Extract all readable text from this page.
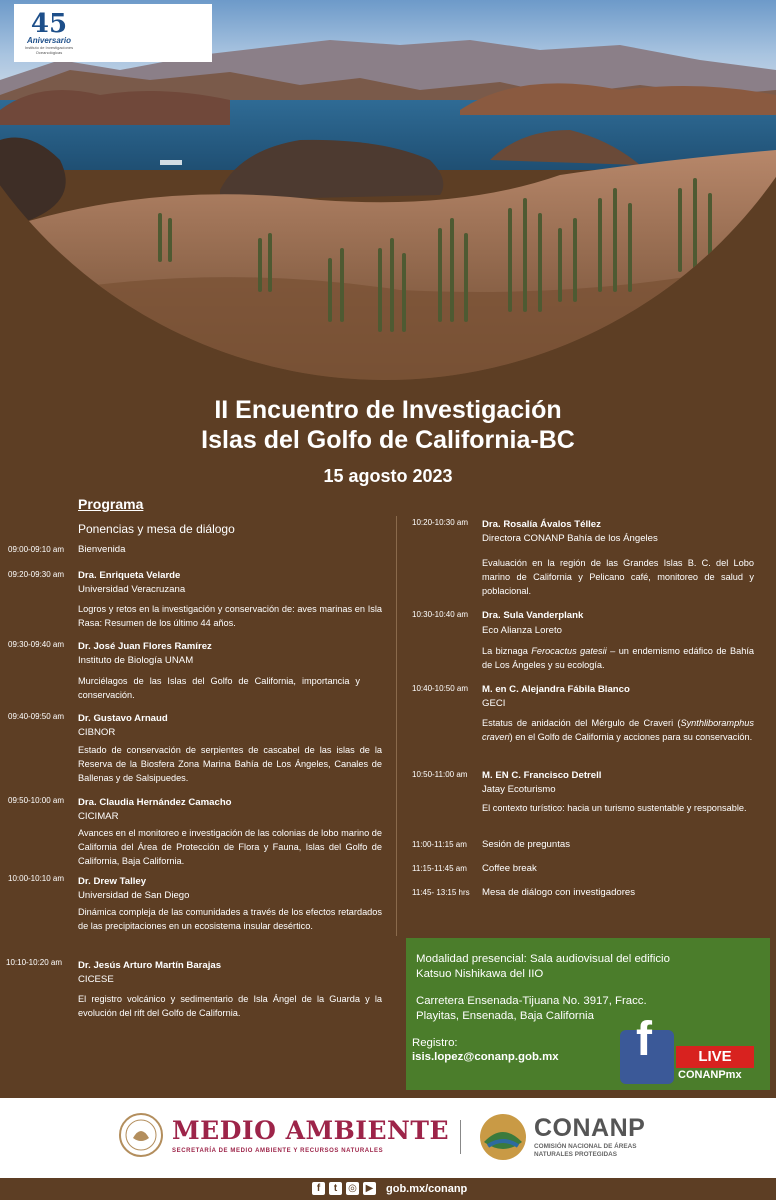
45
Aniversario
Instituto de Investigaciones Oceanológicas
II Encuentro de Investigación
Islas del Golfo de California-BC
15 agosto 2023
Programa
Ponencias y mesa de diálogo
09:00-09:10 am Bienvenida
09:20-09:30 am Dra. Enriqueta Velarde
Universidad Veracruzana
Logros y retos en la investigación y conservación de: aves marinas en Isla Rasa: Resumen de los último 44 años.
09:30-09:40 am Dr. José Juan Flores Ramírez
Instituto de Biología UNAM
Murciélagos de las Islas del Golfo de California, importancia y conservación.
09:40-09:50 am Dr. Gustavo Arnaud
CIBNOR
Estado de conservación de serpientes de cascabel de las islas de la Reserva de la Biosfera Zona Marina Bahía de Los Ángeles, Canales de Ballenas y de Salsipuedes.
09:50-10:00 am Dra. Claudia Hernández Camacho
CICIMAR
Avances en el monitoreo e investigación de las colonias de lobo marino de California del Área de Protección de Flora y Fauna, Islas del Golfo de California, Baja California.
10:00-10:10 am Dr. Drew Talley
Universidad de San Diego
Dinámica compleja de las comunidades a través de los efectos retardados de las precipitaciones en un ecosistema insular desértico.
10:10-10:20 am Dr. Jesús Arturo Martín Barajas
CICESE
El registro volcánico y sedimentario de Isla Ángel de la Guarda y la evolución del rift del Golfo de California.
10:20-10:30 am Dra. Rosalía Ávalos Téllez
Directora CONANP Bahía de los Ángeles
Evaluación en la región de las Grandes Islas B. C. del Lobo marino de California y Pelicano café, monitoreo de salud y poblacional.
10:30-10:40 am Dra. Sula Vanderplank
Eco Alianza Loreto
La biznaga Ferocactus gatesii – un endemismo edáfico de Bahía de Los Ángeles y su ecología.
10:40-10:50 am M. en C. Alejandra Fábila Blanco
GECI
Estatus de anidación del Mérgulo de Craveri (Synthliboramphus craveri) en el Golfo de California y acciones para su conservación.
10:50-11:00 am M. EN C. Francisco Detrell
Jatay Ecoturismo
El contexto turístico: hacia un turismo sustentable y responsable.
11:00-11:15 am Sesión de preguntas
11:15-11:45 am Coffee break
11:45- 13:15 hrs Mesa de diálogo con investigadores
Modalidad presencial: Sala audiovisual del edificio Katsuo Nishikawa del IIO
Carretera Ensenada-Tijuana No. 3917, Fracc. Playitas, Ensenada, Baja California
Registro:
isis.lopez@conanp.gob.mx f	LIVE
CONANPmx
MEDIO AMBIENTE
SECRETARÍA DE MEDIO AMBIENTE Y RECURSOS NATURALES
CONANP
COMISIÓN NACIONAL DE ÁREAS NATURALES PROTEGIDAS
f	t	◎ ▶ gob.mx/conanp
